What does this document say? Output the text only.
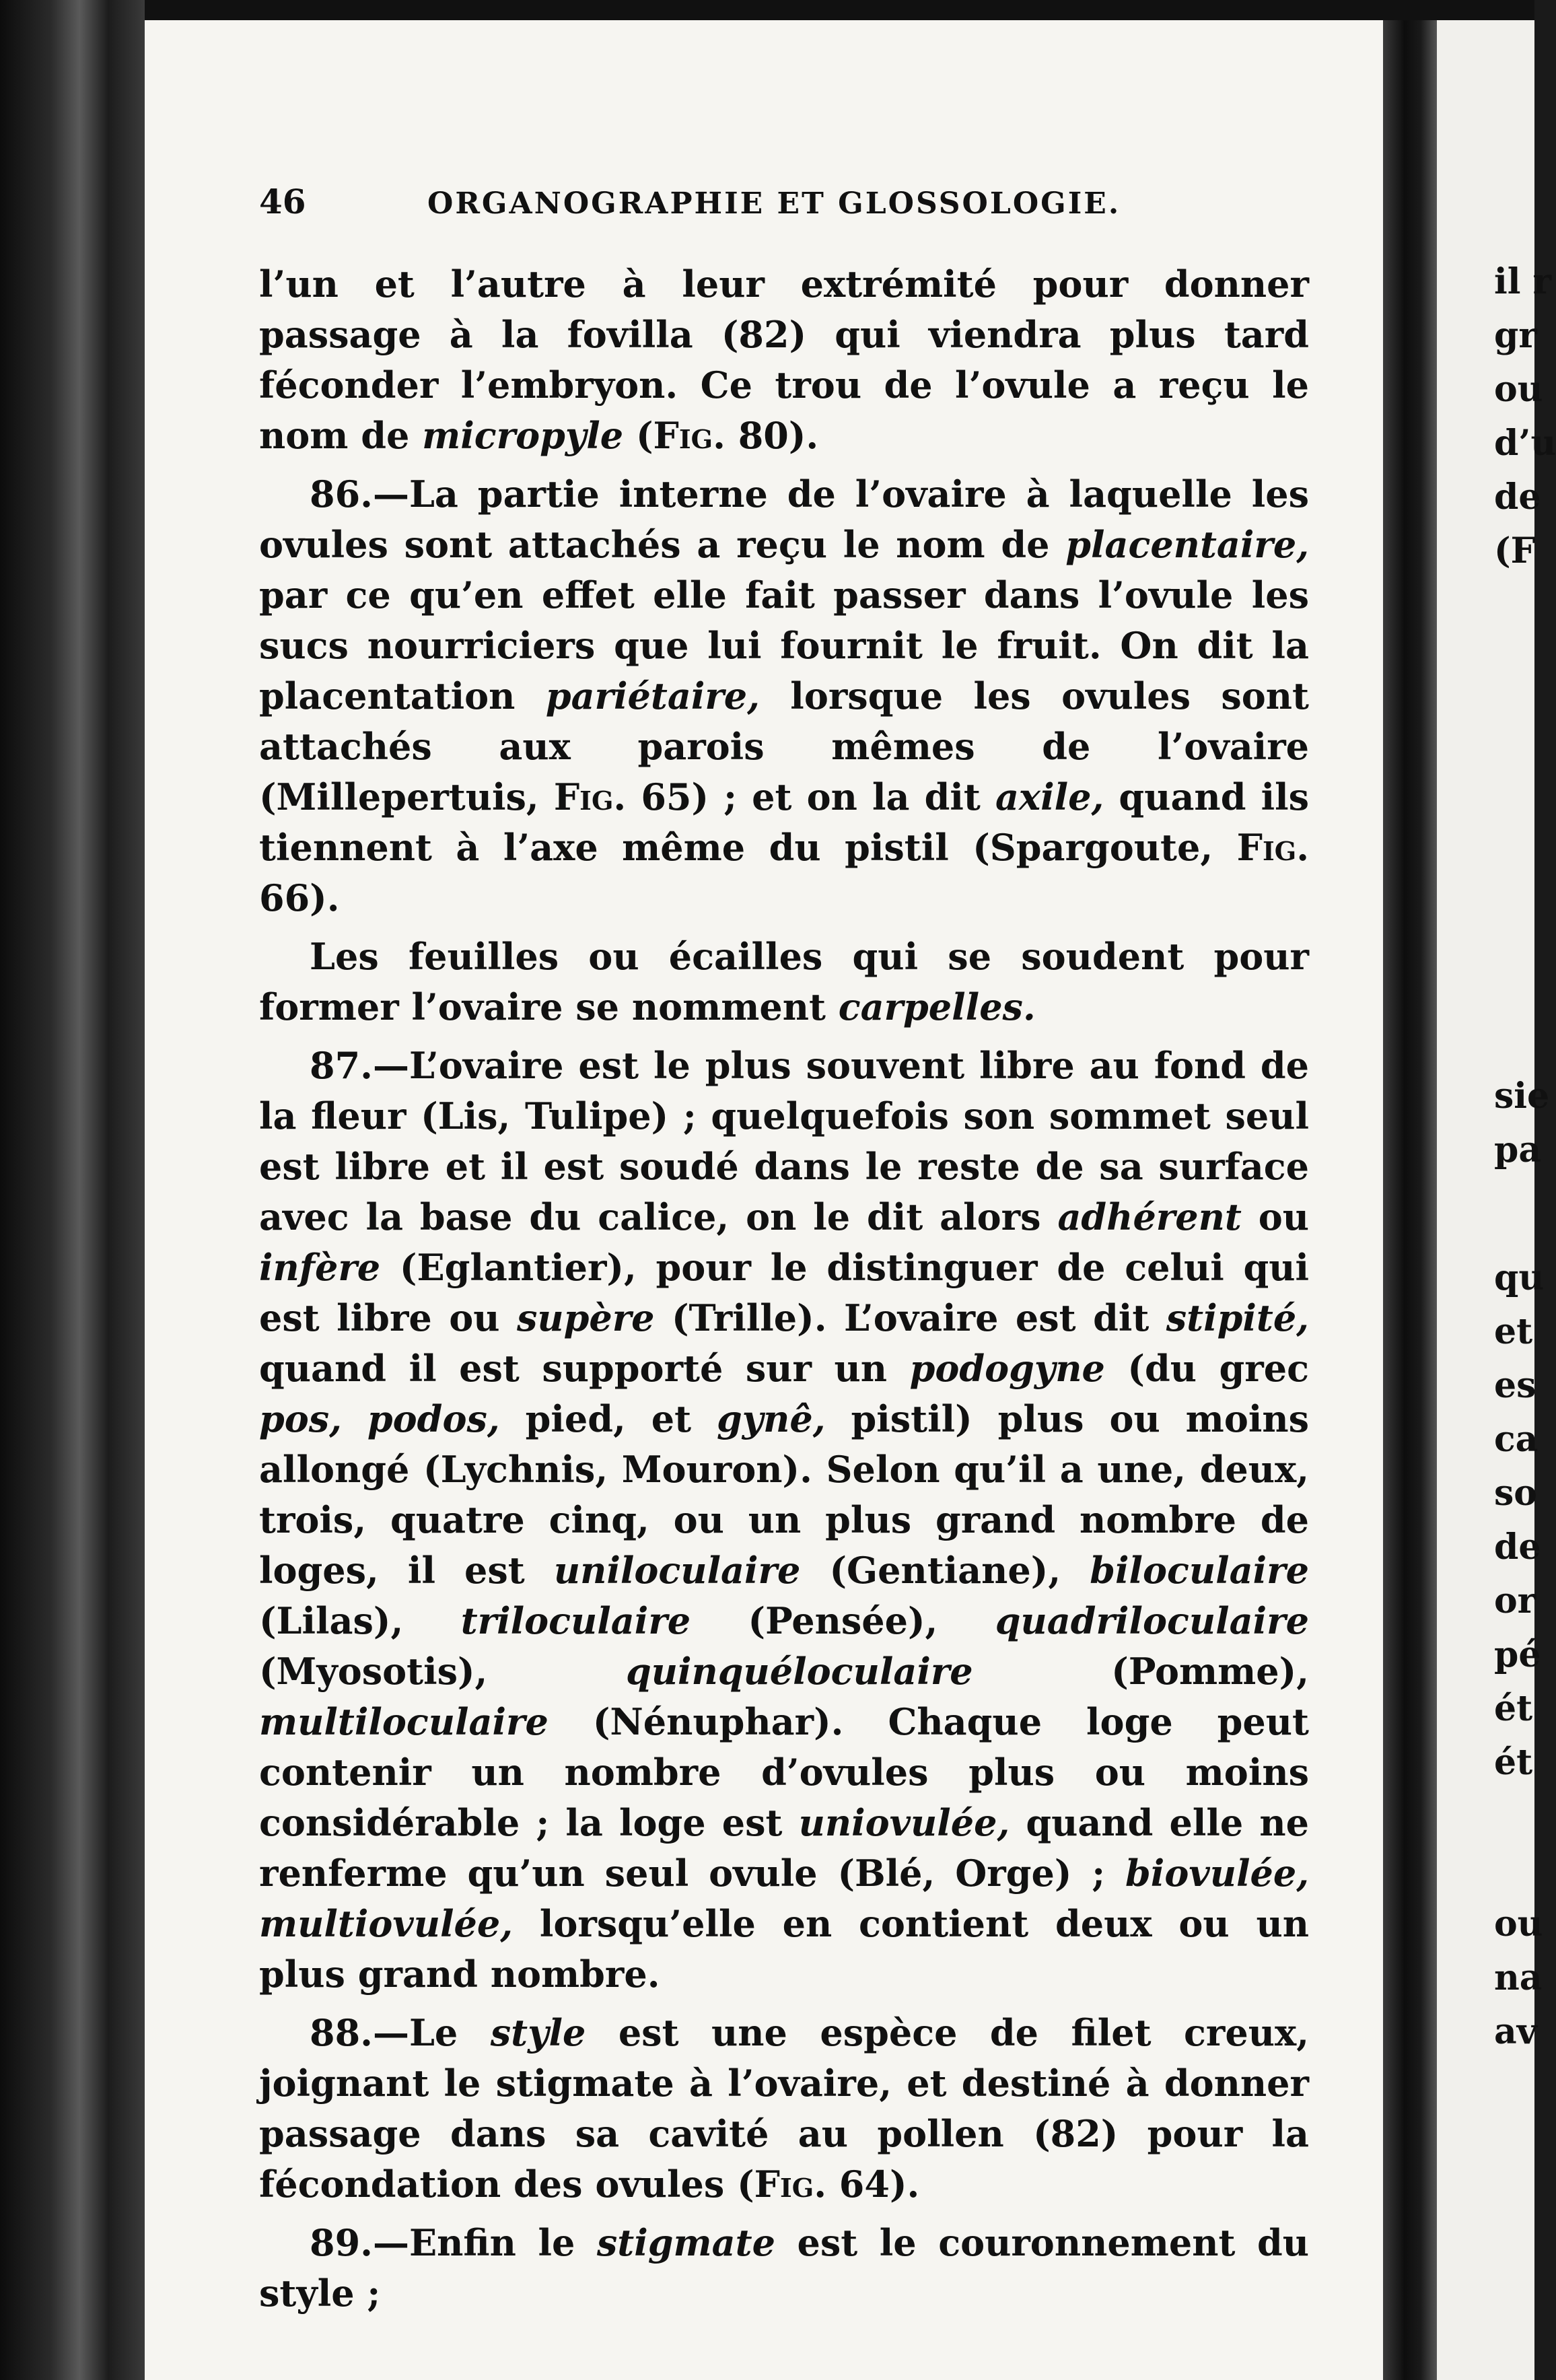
46	ORGANOGRAPHIE ET GLOSSOLOGIE.

l’un et l’autre à leur extrémité pour donner passage à la fovilla (82) qui viendra plus tard féconder l’embryon. Ce trou de l’ovule a reçu le nom de micropyle (Fig. 80).

86.—La partie interne de l’ovaire à laquelle les ovules sont attachés a reçu le nom de placentaire, par ce qu’en effet elle fait passer dans l’ovule les sucs nourriciers que lui fournit le fruit. On dit la placentation pariétaire, lorsque les ovules sont attachés aux parois mêmes de l’ovaire (Millepertuis, Fig. 65) ; et on la dit axile, quand ils tiennent à l’axe même du pistil (Spargoute, Fig. 66).

Les feuilles ou écailles qui se soudent pour former l’ovaire se nomment carpelles.

87.—L’ovaire est le plus souvent libre au fond de la fleur (Lis, Tulipe) ; quelquefois son sommet seul est libre et il est soudé dans le reste de sa surface avec la base du calice, on le dit alors adhérent ou infère (Eglantier), pour le distinguer de celui qui est libre ou supère (Trille). L’ovaire est dit stipité, quand il est supporté sur un podogyne (du grec pos, podos, pied, et gynê, pistil) plus ou moins allongé (Lychnis, Mouron). Selon qu’il a une, deux, trois, quatre cinq, ou un plus grand nombre de loges, il est uniloculaire (Gentiane), biloculaire (Lilas), triloculaire (Pensée), quadriloculaire (Myosotis), quinquéloculaire (Pomme), multiloculaire (Nénuphar). Chaque loge peut contenir un nombre d’ovules plus ou moins considérable ; la loge est uniovulée, quand elle ne renferme qu’un seul ovule (Blé, Orge) ; biovulée, multiovulée, lorsqu’elle en contient deux ou un plus grand nombre.

88.—Le style est une espèce de filet creux, joignant le stigmate à l’ovaire, et destiné à donner passage dans sa cavité au pollen (82) pour la fécondation des ovules (Fig. 64).

89.—Enfin le stigmate est le couronnement du style ;

il r
gr
ou
d’u
de
(F
sie
pa
qu
et
es
ca
so
de
or
pé
ét
ét
ou
na
av
